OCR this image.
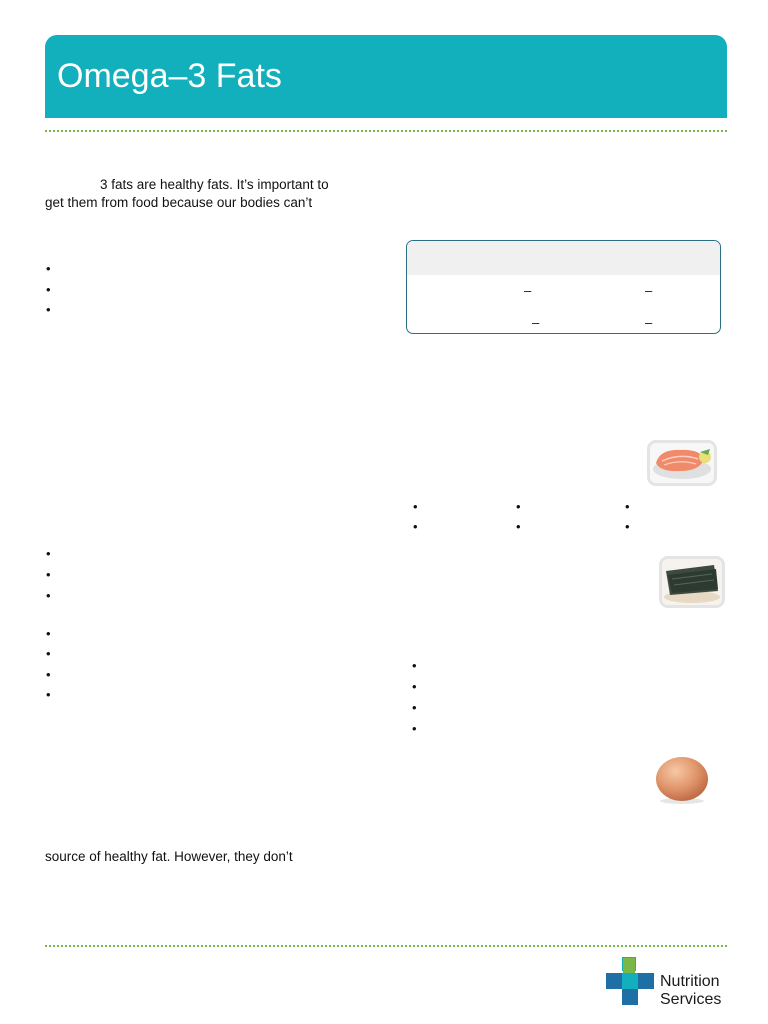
Omega–3 Fats
3 fats are healthy fats. It’s important to
get them from food because our bodies can’t
•
•
•
–	–
–	–
•	•	•
•	•	•
•
•
•
•
•
•
•
•
•
•
•
source of healthy fat. However, they don’t
Nutrition
Services
